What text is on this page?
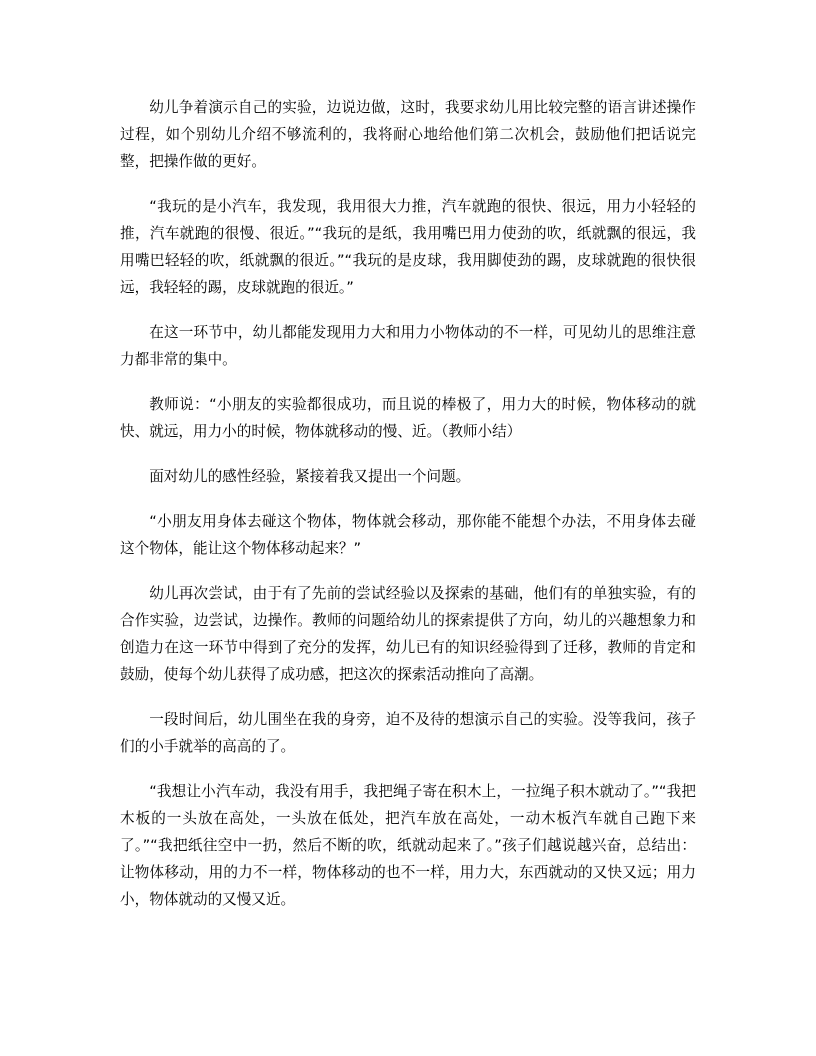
幼儿争着演示自己的实验，边说边做，这时，我要求幼儿用比较完整的语言讲述操作过程，如个别幼儿介绍不够流利的，我将耐心地给他们第二次机会，鼓励他们把话说完整，把操作做的更好。

“我玩的是小汽车，我发现，我用很大力推，汽车就跑的很快、很远，用力小轻轻的推，汽车就跑的很慢、很近。”“我玩的是纸，我用嘴巴用力使劲的吹，纸就飘的很远，我用嘴巴轻轻的吹，纸就飘的很近。”“我玩的是皮球，我用脚使劲的踢，皮球就跑的很快很远，我轻轻的踢，皮球就跑的很近。”

在这一环节中，幼儿都能发现用力大和用力小物体动的不一样，可见幼儿的思维注意力都非常的集中。

教师说：“小朋友的实验都很成功，而且说的棒极了，用力大的时候，物体移动的就快、就远，用力小的时候，物体就移动的慢、近。（教师小结）

面对幼儿的感性经验，紧接着我又提出一个问题。

“小朋友用身体去碰这个物体，物体就会移动，那你能不能想个办法，不用身体去碰这个物体，能让这个物体移动起来？”

幼儿再次尝试，由于有了先前的尝试经验以及探索的基础，他们有的单独实验，有的合作实验，边尝试，边操作。教师的问题给幼儿的探索提供了方向，幼儿的兴趣想象力和创造力在这一环节中得到了充分的发挥，幼儿已有的知识经验得到了迁移，教师的肯定和鼓励，使每个幼儿获得了成功感，把这次的探索活动推向了高潮。

一段时间后，幼儿围坐在我的身旁，迫不及待的想演示自己的实验。没等我问，孩子们的小手就举的高高的了。

“我想让小汽车动，我没有用手，我把绳子寄在积木上，一拉绳子积木就动了。”“我把木板的一头放在高处，一头放在低处，把汽车放在高处，一动木板汽车就自己跑下来了。”“我把纸往空中一扔，然后不断的吹，纸就动起来了。”孩子们越说越兴奋，总结出：让物体移动，用的力不一样，物体移动的也不一样，用力大，东西就动的又快又远；用力小，物体就动的又慢又近。
